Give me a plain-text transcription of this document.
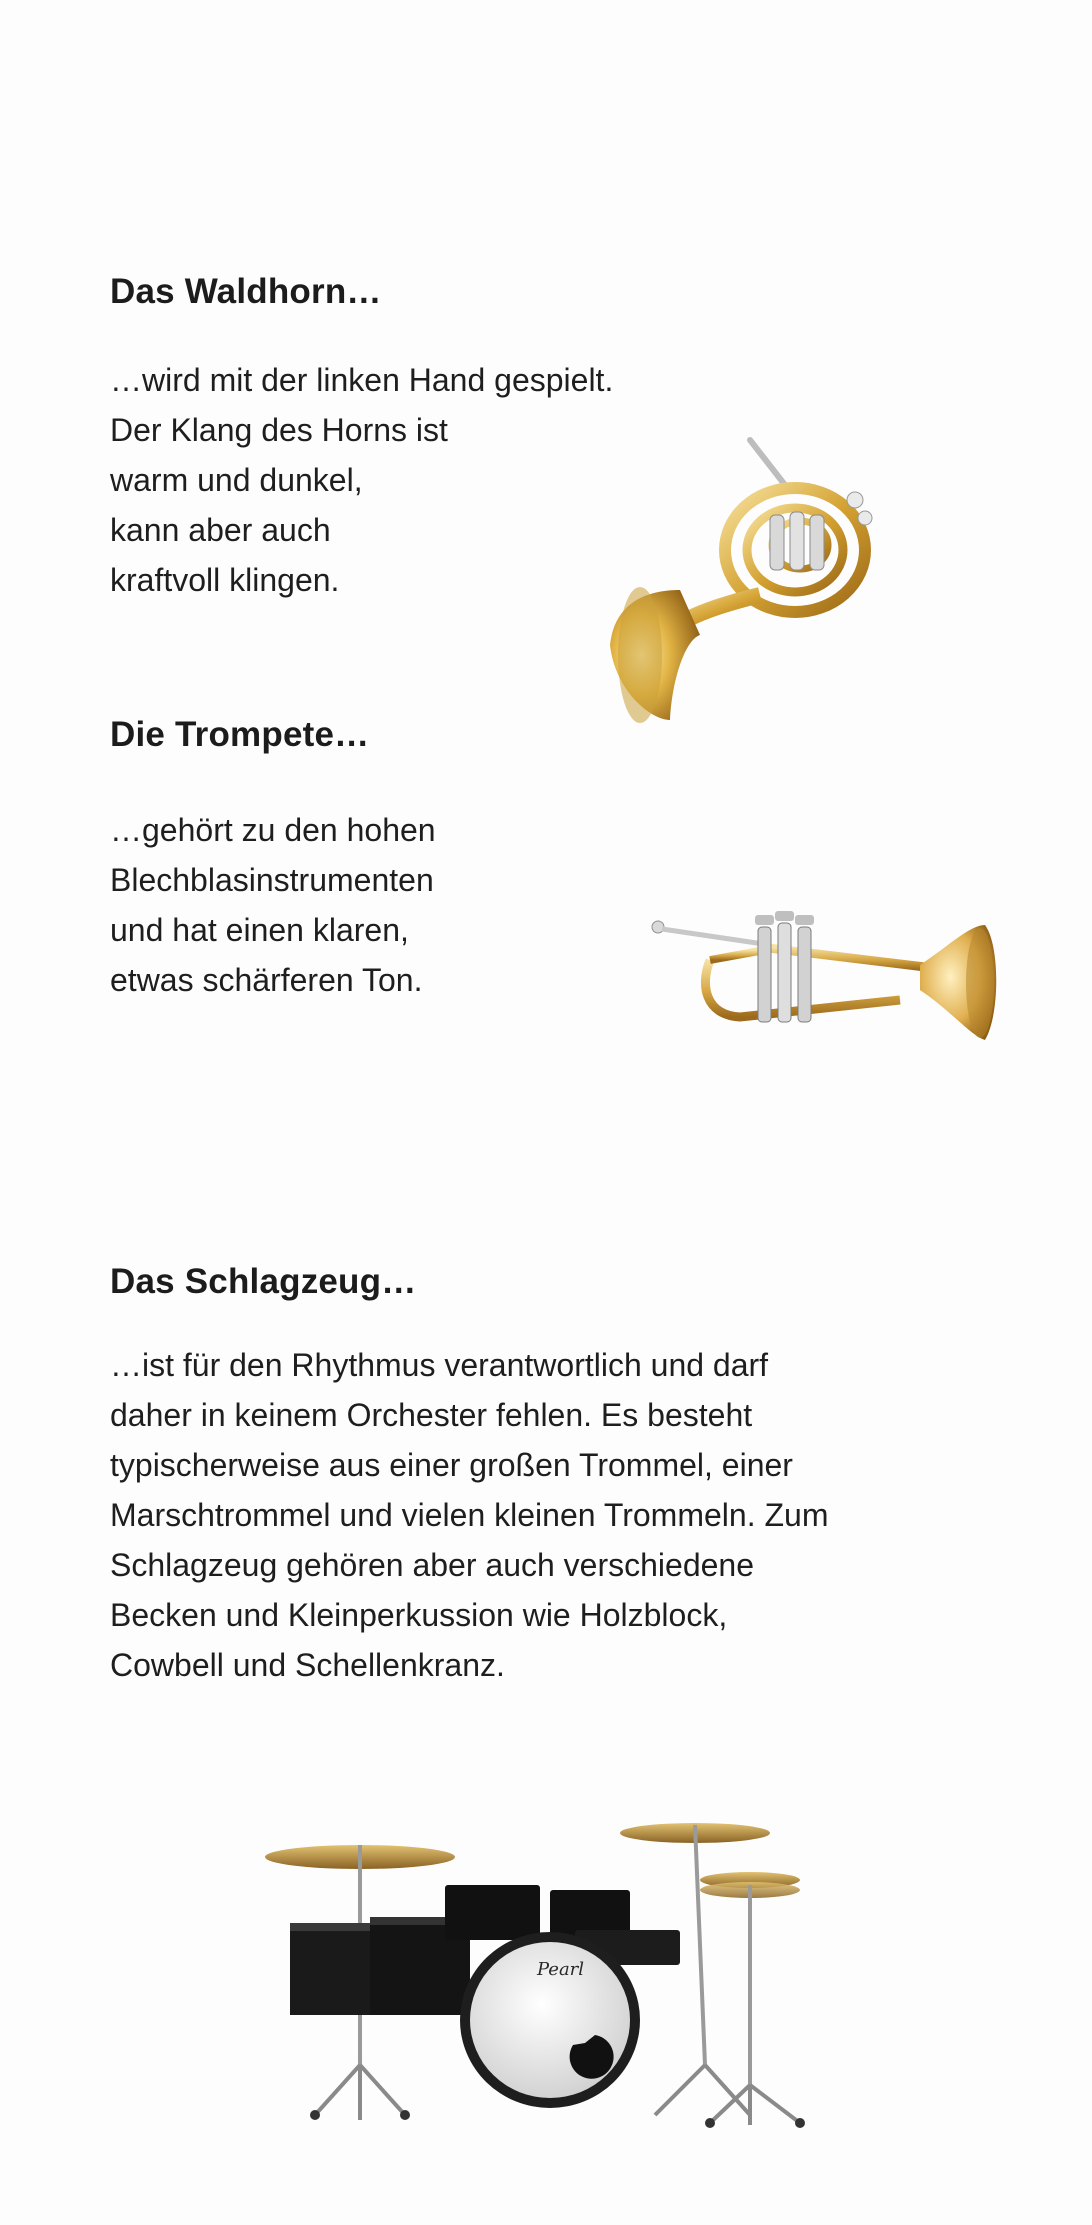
Das Waldhorn…

…wird mit der linken Hand gespielt.
Der Klang des Horns ist
warm und dunkel,
kann aber auch
kraftvoll klingen.

Die Trompete…

…gehört zu den hohen
Blechblasinstrumenten
und hat einen klaren,
etwas schärferen Ton.

Das Schlagzeug…

…ist für den Rhythmus verantwortlich und darf
daher in keinem Orchester fehlen. Es besteht
typischerweise aus einer großen Trommel, einer
Marschtrommel und vielen kleinen Trommeln. Zum
Schlagzeug gehören aber auch verschiedene
Becken und Kleinperkussion wie Holzblock,
Cowbell und Schellenkranz.

Pearl
